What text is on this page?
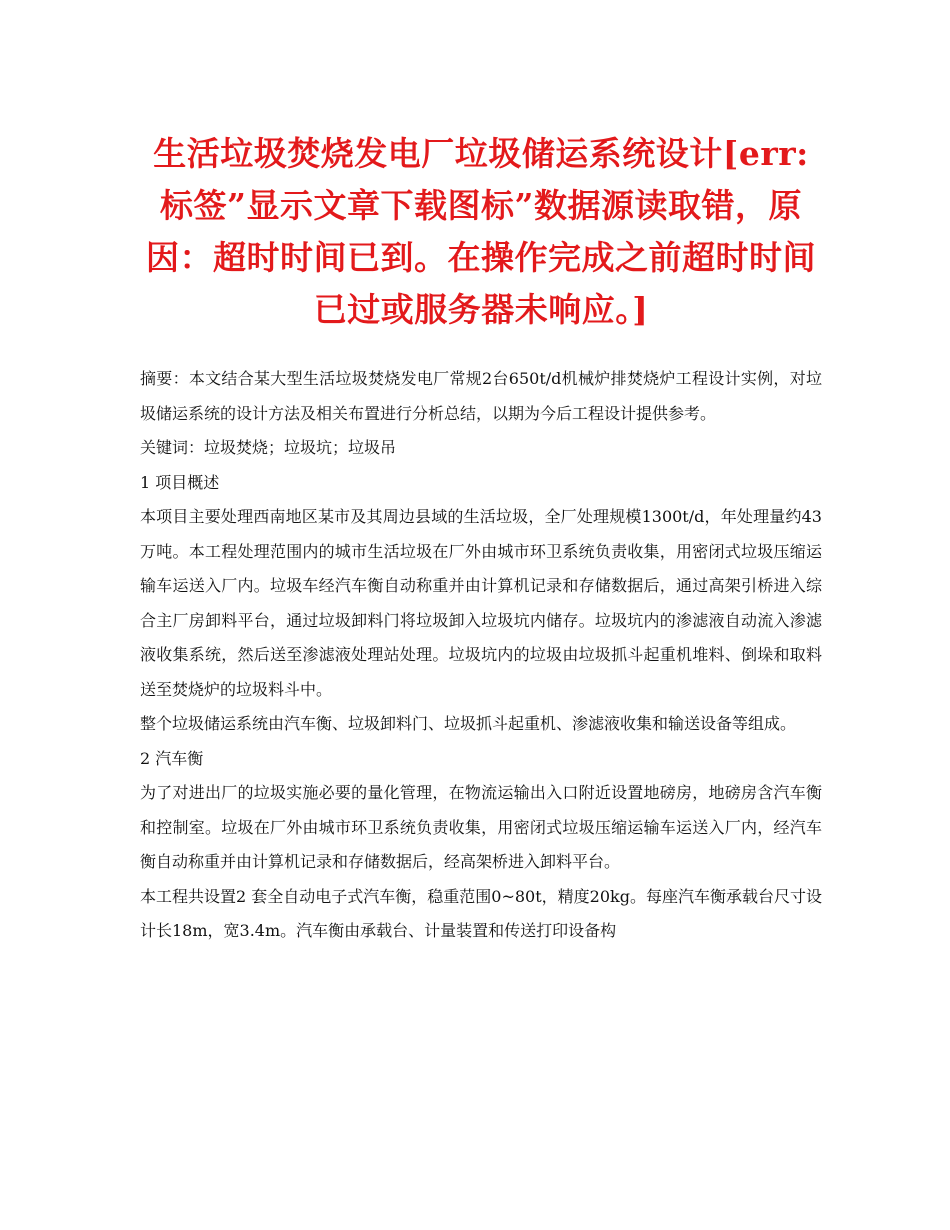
生活垃圾焚烧发电厂垃圾储运系统设计[err:标签”显示文章下载图标”数据源读取错，原因：超时时间已到。在操作完成之前超时时间已过或服务器未响应。]

摘要：本文结合某大型生活垃圾焚烧发电厂常规2台650t/d机械炉排焚烧炉工程设计实例，对垃圾储运系统的设计方法及相关布置进行分析总结，以期为今后工程设计提供参考。

关键词：垃圾焚烧；垃圾坑；垃圾吊

1 项目概述

本项目主要处理西南地区某市及其周边县域的生活垃圾，全厂处理规模1300t/d，年处理量约43万吨。本工程处理范围内的城市生活垃圾在厂外由城市环卫系统负责收集，用密闭式垃圾压缩运输车运送入厂内。垃圾车经汽车衡自动称重并由计算机记录和存储数据后，通过高架引桥进入综合主厂房卸料平台，通过垃圾卸料门将垃圾卸入垃圾坑内储存。垃圾坑内的渗滤液自动流入渗滤液收集系统，然后送至渗滤液处理站处理。垃圾坑内的垃圾由垃圾抓斗起重机堆料、倒垛和取料送至焚烧炉的垃圾料斗中。

整个垃圾储运系统由汽车衡、垃圾卸料门、垃圾抓斗起重机、渗滤液收集和输送设备等组成。

2 汽车衡

为了对进出厂的垃圾实施必要的量化管理，在物流运输出入口附近设置地磅房，地磅房含汽车衡和控制室。垃圾在厂外由城市环卫系统负责收集，用密闭式垃圾压缩运输车运送入厂内，经汽车衡自动称重并由计算机记录和存储数据后，经高架桥进入卸料平台。

本工程共设置2 套全自动电子式汽车衡，稳重范围0~80t，精度20kg。每座汽车衡承载台尺寸设计长18m，宽3.4m。汽车衡由承载台、计量装置和传送打印设备构
